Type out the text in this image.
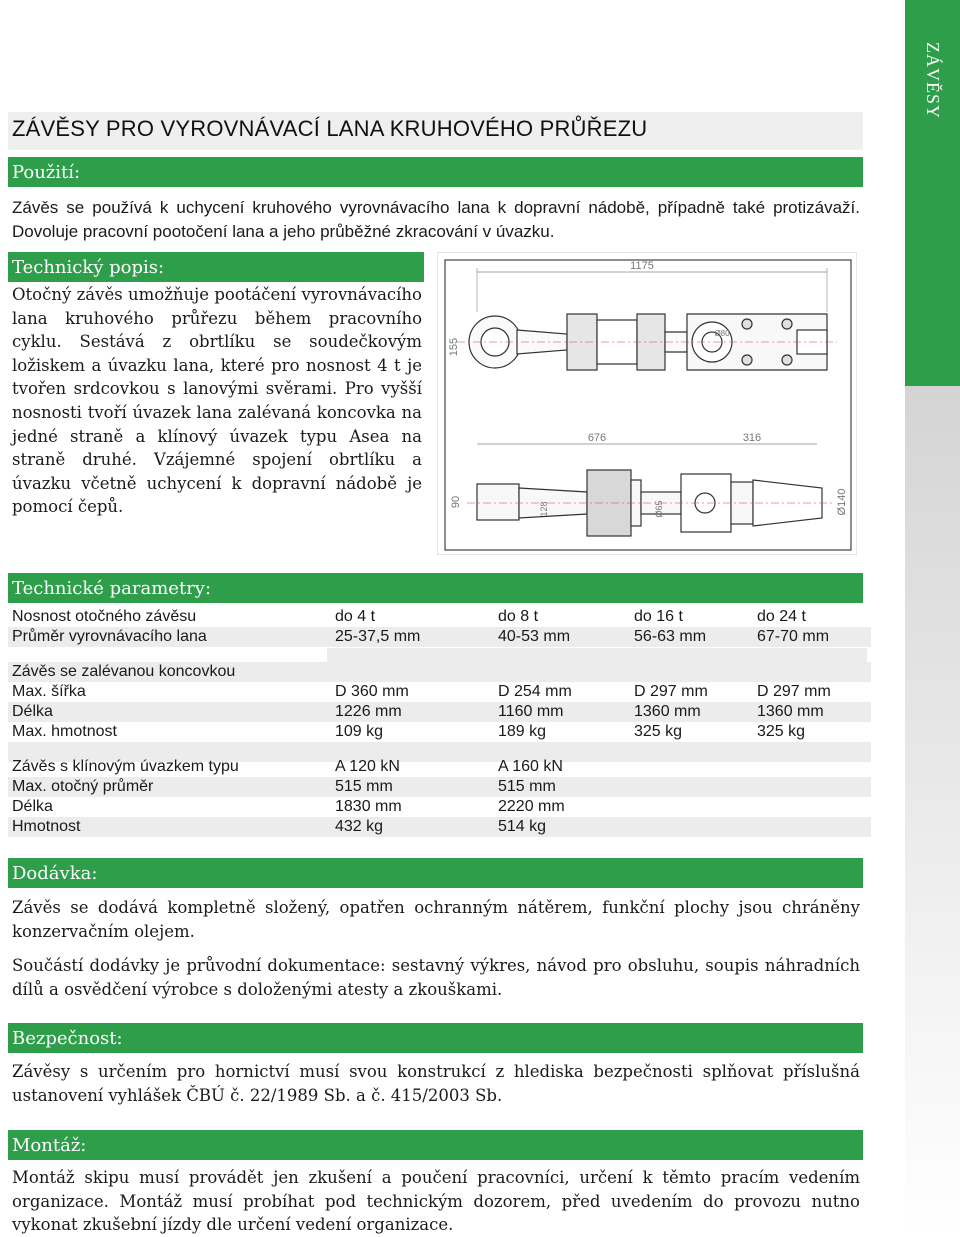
ZÁVĚSY
ZÁVĚSY PRO VYROVNÁVACÍ LANA KRUHOVÉHO PRŮŘEZU
Použití:

Závěs se používá k uchycení kruhového vyrovnávacího lana k dopravní nádobě, případně také protizávaží. Dovoluje pracovní pootočení lana a jeho průběžné zkracování v úvazku.

Technický popis:

Otočný závěs umožňuje pootáčení vyrovnávacího lana kruhového průřezu během pracovního cyklu. Sestává z obrtlíku se soudečkovým ložiskem a úvazku lana, které pro nosnost 4 t je tvořen srdcovkou s lanovými svěrami. Pro vyšší nosnosti tvoří úvazek lana zalévaná koncovka na jedné straně a klínový úvazek typu Asea na straně druhé. Vzájemné spojení obrtlíku a úvazku včetně uchycení k dopravní nádobě je pomocí čepů.

1175
155
676	316
90	Ø140
128	Ø65
Ø80
Technické parametry:
Nosnost otočného závěsu	do 4 t	do 8 t	do 16 t	do 24 t
Průměr vyrovnávacího lana	25-37,5 mm	40-53 mm	56-63 mm	67-70 mm
Závěs se zalévanou koncovkou
Max. šířka	D 360 mm	D 254 mm	D 297 mm	D 297 mm
Délka	1226 mm	1160 mm	1360 mm	1360 mm
Max. hmotnost	109 kg	189 kg	325 kg	325 kg
Závěs s klínovým úvazkem typu	A 120 kN	A 160 kN
Max. otočný průměr	515 mm	515 mm
Délka	1830 mm	2220 mm
Hmotnost	432 kg	514 kg
Dodávka:

Závěs se dodává kompletně složený, opatřen ochranným nátěrem, funkční plochy jsou chráněny konzervačním olejem.

Součástí dodávky je průvodní dokumentace: sestavný výkres, návod pro obsluhu, soupis náhradních dílů a osvědčení výrobce s doloženými atesty a zkouškami.

Bezpečnost:

Závěsy s určením pro hornictví musí svou konstrukcí z hlediska bezpečnosti splňovat příslušná ustanovení vyhlášek ČBÚ č. 22/1989 Sb. a č. 415/2003 Sb.

Montáž:

Montáž skipu musí provádět jen zkušení a poučení pracovníci, určení k těmto pracím vedením organizace. Montáž musí probíhat pod technickým dozorem, před uvedením do provozu nutno vykonat zkušební jízdy dle určení vedení organizace.
